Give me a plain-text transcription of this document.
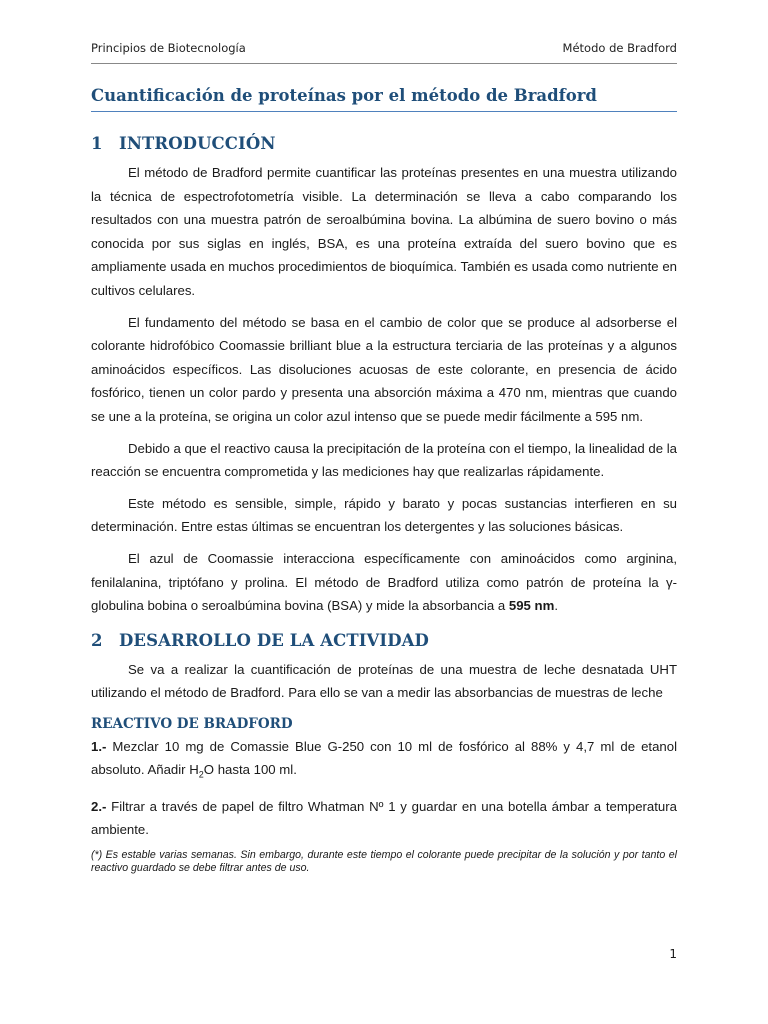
Principios de Biotecnología	Método de Bradford
Cuantificación de proteínas por el método de Bradford
1 INTRODUCCIÓN

El método de Bradford permite cuantificar las proteínas presentes en una muestra utilizando la técnica de espectrofotometría visible. La determinación se lleva a cabo comparando los resultados con una muestra patrón de seroalbúmina bovina. La albúmina de suero bovino o más conocida por sus siglas en inglés, BSA, es una proteína extraída del suero bovino que es ampliamente usada en muchos procedimientos de bioquímica. También es usada como nutriente en cultivos celulares.

El fundamento del método se basa en el cambio de color que se produce al adsorberse el colorante hidrofóbico Coomassie brilliant blue a la estructura terciaria de las proteínas y a algunos aminoácidos específicos. Las disoluciones acuosas de este colorante, en presencia de ácido fosfórico, tienen un color pardo y presenta una absorción máxima a 470 nm, mientras que cuando se une a la proteína, se origina un color azul intenso que se puede medir fácilmente a 595 nm.

Debido a que el reactivo causa la precipitación de la proteína con el tiempo, la linealidad de la reacción se encuentra comprometida y las mediciones hay que realizarlas rápidamente.

Este método es sensible, simple, rápido y barato y pocas sustancias interfieren en su determinación. Entre estas últimas se encuentran los detergentes y las soluciones básicas.

El azul de Coomassie interacciona específicamente con aminoácidos como arginina, fenilalanina, triptófano y prolina. El método de Bradford utiliza como patrón de proteína la γ-globulina bobina o seroalbúmina bovina (BSA) y mide la absorbancia a 595 nm.

2 DESARROLLO DE LA ACTIVIDAD

Se va a realizar la cuantificación de proteínas de una muestra de leche desnatada UHT utilizando el método de Bradford. Para ello se van a medir las absorbancias de muestras de leche

REACTIVO DE BRADFORD

1.- Mezclar 10 mg de Comassie Blue G-250 con 10 ml de fosfórico al 88% y 4,7 ml de etanol absoluto. Añadir $H_2O$ hasta 100 ml.

2.- Filtrar a través de papel de filtro Whatman Nº 1 y guardar en una botella ámbar a temperatura ambiente.

(*) Es estable varias semanas. Sin embargo, durante este tiempo el colorante puede precipitar de la solución y por tanto el reactivo guardado se debe filtrar antes de uso.

1
